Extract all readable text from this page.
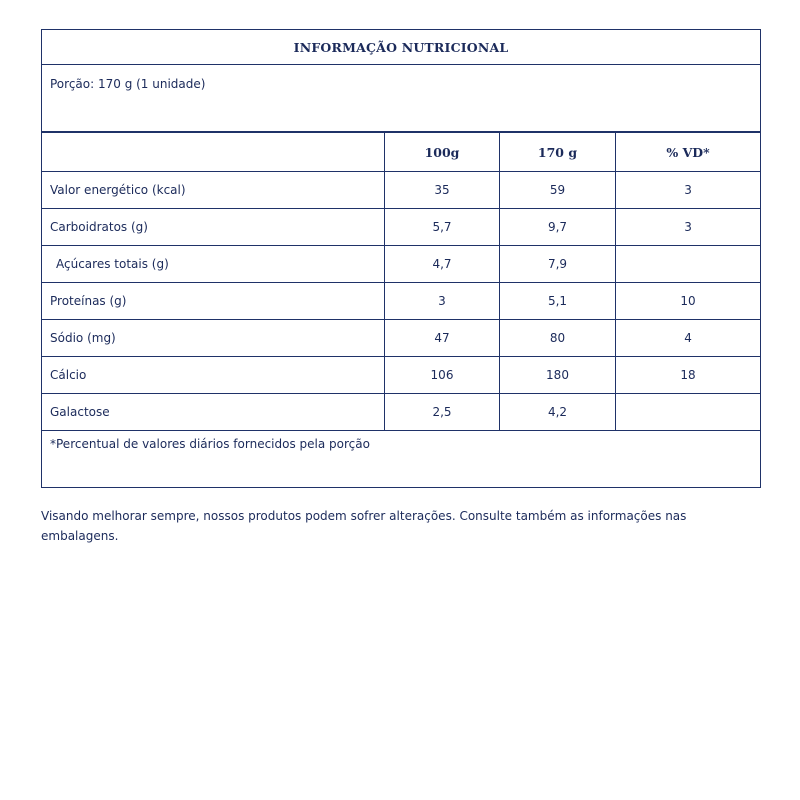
INFORMAÇÃO NUTRICIONAL			
Porção: 170 g (1 unidade)			
	100g	170 g	% VD*
Valor energético (kcal)	35	59	3
Carboidratos (g)	5,7	9,7	3
Açúcares totais (g)	4,7	7,9	
Proteínas (g)	3	5,1	10
Sódio (mg)	47	80	4
Cálcio	106	180	18
Galactose	2,5	4,2	
*Percentual de valores diários fornecidos pela porção			

Visando melhorar sempre, nossos produtos podem sofrer alterações. Consulte também as informações nas embalagens.
